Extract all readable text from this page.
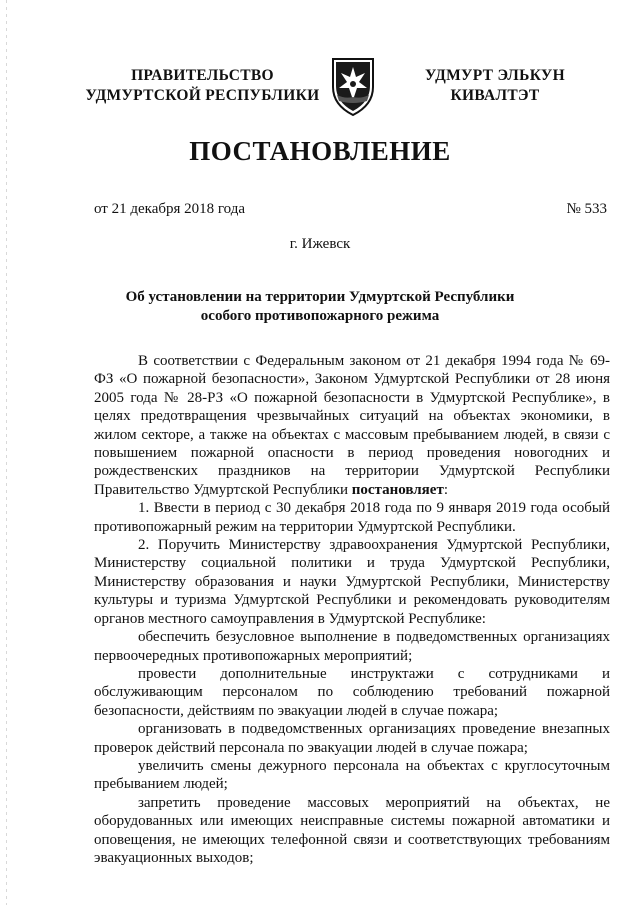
ПРАВИТЕЛЬСТВО
УДМУРТСКОЙ РЕСПУБЛИКИ
УДМУРТ ЭЛЬКУН
КИВАЛТЭТ
ПОСТАНОВЛЕНИЕ
от 21 декабря 2018 года	№ 533
г. Ижевск
Об установлении на территории Удмуртской Республики
особого противопожарного режима

В соответствии с Федеральным законом от 21 декабря 1994 года № 69-ФЗ «О пожарной безопасности», Законом Удмуртской Республики от 28 июня 2005 года № 28-РЗ «О пожарной безопасности в Удмуртской Республике», в целях предотвращения чрезвычайных ситуаций на объектах экономики, в жилом секторе, а также на объектах с массовым пребыванием людей, в связи с повышением пожарной опасности в период проведения новогодних и рождественских праздников на территории Удмуртской Республики Правительство Удмуртской Республики постановляет:

1. Ввести в период с 30 декабря 2018 года по 9 января 2019 года особый противопожарный режим на территории Удмуртской Республики.

2. Поручить Министерству здравоохранения Удмуртской Республики, Министерству социальной политики и труда Удмуртской Республики, Министерству образования и науки Удмуртской Республики, Министерству культуры и туризма Удмуртской Республики и рекомендовать руководителям органов местного самоуправления в Удмуртской Республике:

обеспечить безусловное выполнение в подведомственных организациях первоочередных противопожарных мероприятий;

провести дополнительные инструктажи с сотрудниками и обслуживающим персоналом по соблюдению требований пожарной безопасности, действиям по эвакуации людей в случае пожара;

организовать в подведомственных организациях проведение внезапных проверок действий персонала по эвакуации людей в случае пожара;

увеличить смены дежурного персонала на объектах с круглосуточным пребыванием людей;

запретить проведение массовых мероприятий на объектах, не оборудованных или имеющих неисправные системы пожарной автоматики и оповещения, не имеющих телефонной связи и соответствующих требованиям эвакуационных выходов;
